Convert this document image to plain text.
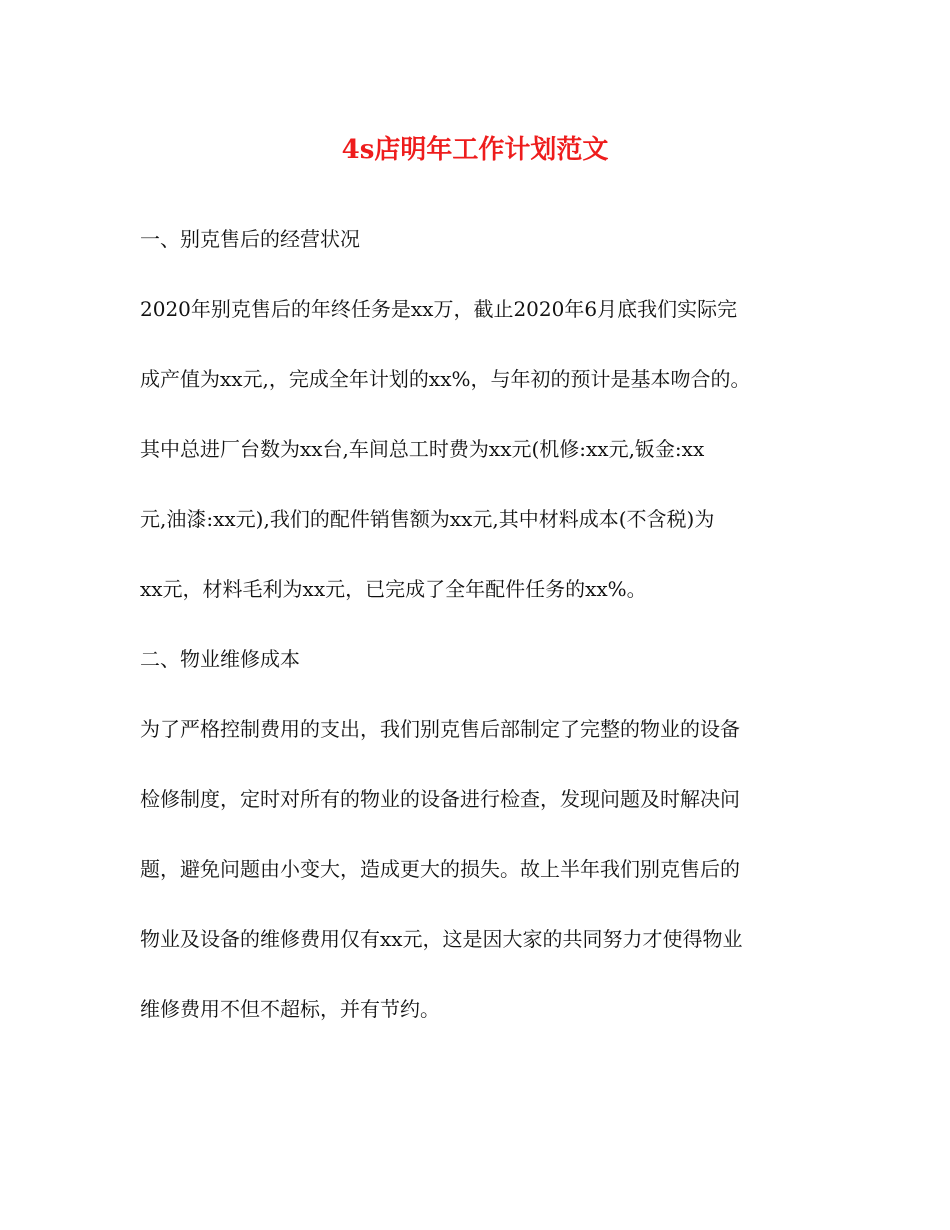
4s店明年工作计划范文
一、别克售后的经营状况
2020年别克售后的年终任务是xx万，截止2020年6月底我们实际完
成产值为xx元,，完成全年计划的xx%，与年初的预计是基本吻合的。
其中总进厂台数为xx台,车间总工时费为xx元(机修:xx元,钣金:xx
元,油漆:xx元),我们的配件销售额为xx元,其中材料成本(不含税)为
xx元，材料毛利为xx元，已完成了全年配件任务的xx%。
二、物业维修成本
为了严格控制费用的支出，我们别克售后部制定了完整的物业的设备
检修制度，定时对所有的物业的设备进行检查，发现问题及时解决问
题，避免问题由小变大，造成更大的损失。故上半年我们别克售后的
物业及设备的维修费用仅有xx元，这是因大家的共同努力才使得物业
维修费用不但不超标，并有节约。
